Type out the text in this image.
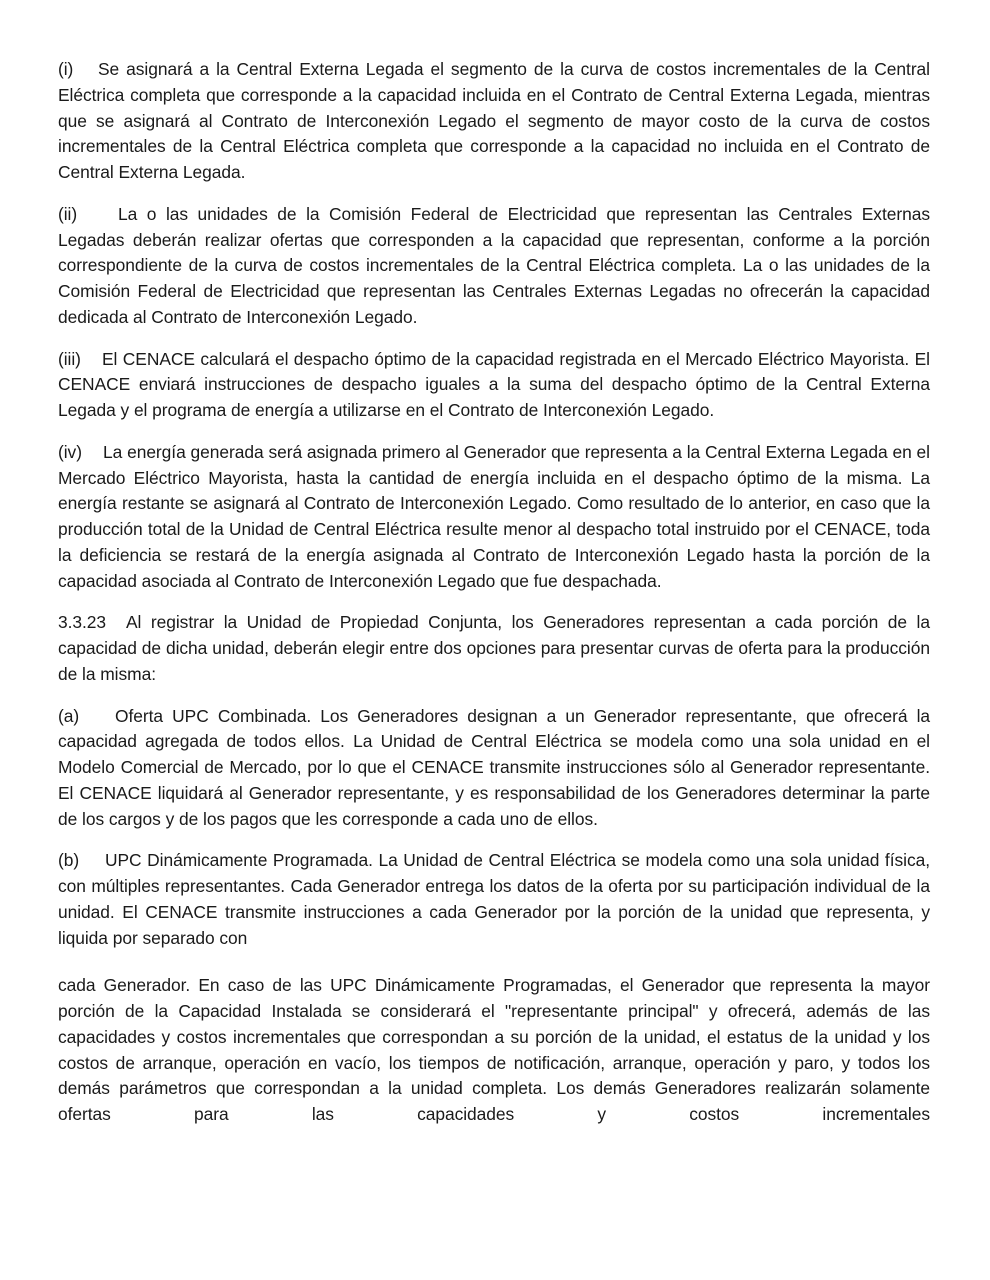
(i) Se asignará a la Central Externa Legada el segmento de la curva de costos incrementales de la Central Eléctrica completa que corresponde a la capacidad incluida en el Contrato de Central Externa Legada, mientras que se asignará al Contrato de Interconexión Legado el segmento de mayor costo de la curva de costos incrementales de la Central Eléctrica completa que corresponde a la capacidad no incluida en el Contrato de Central Externa Legada.

(ii) La o las unidades de la Comisión Federal de Electricidad que representan las Centrales Externas Legadas deberán realizar ofertas que corresponden a la capacidad que representan, conforme a la porción correspondiente de la curva de costos incrementales de la Central Eléctrica completa. La o las unidades de la Comisión Federal de Electricidad que representan las Centrales Externas Legadas no ofrecerán la capacidad dedicada al Contrato de Interconexión Legado.

(iii) El CENACE calculará el despacho óptimo de la capacidad registrada en el Mercado Eléctrico Mayorista. El CENACE enviará instrucciones de despacho iguales a la suma del despacho óptimo de la Central Externa Legada y el programa de energía a utilizarse en el Contrato de Interconexión Legado.

(iv) La energía generada será asignada primero al Generador que representa a la Central Externa Legada en el Mercado Eléctrico Mayorista, hasta la cantidad de energía incluida en el despacho óptimo de la misma. La energía restante se asignará al Contrato de Interconexión Legado. Como resultado de lo anterior, en caso que la producción total de la Unidad de Central Eléctrica resulte menor al despacho total instruido por el CENACE, toda la deficiencia se restará de la energía asignada al Contrato de Interconexión Legado hasta la porción de la capacidad asociada al Contrato de Interconexión Legado que fue despachada.

3.3.23 Al registrar la Unidad de Propiedad Conjunta, los Generadores representan a cada porción de la capacidad de dicha unidad, deberán elegir entre dos opciones para presentar curvas de oferta para la producción de la misma:

(a) Oferta UPC Combinada. Los Generadores designan a un Generador representante, que ofrecerá la capacidad agregada de todos ellos. La Unidad de Central Eléctrica se modela como una sola unidad en el Modelo Comercial de Mercado, por lo que el CENACE transmite instrucciones sólo al Generador representante. El CENACE liquidará al Generador representante, y es responsabilidad de los Generadores determinar la parte de los cargos y de los pagos que les corresponde a cada uno de ellos.

(b) UPC Dinámicamente Programada. La Unidad de Central Eléctrica se modela como una sola unidad física, con múltiples representantes. Cada Generador entrega los datos de la oferta por su participación individual de la unidad. El CENACE transmite instrucciones a cada Generador por la porción de la unidad que representa, y liquida por separado con

cada Generador. En caso de las UPC Dinámicamente Programadas, el Generador que representa la mayor porción de la Capacidad Instalada se considerará el "representante principal" y ofrecerá, además de las capacidades y costos incrementales que correspondan a su porción de la unidad, el estatus de la unidad y los costos de arranque, operación en vacío, los tiempos de notificación, arranque, operación y paro, y todos los demás parámetros que correspondan a la unidad completa. Los demás Generadores realizarán solamente ofertas para las capacidades y costos incrementales
